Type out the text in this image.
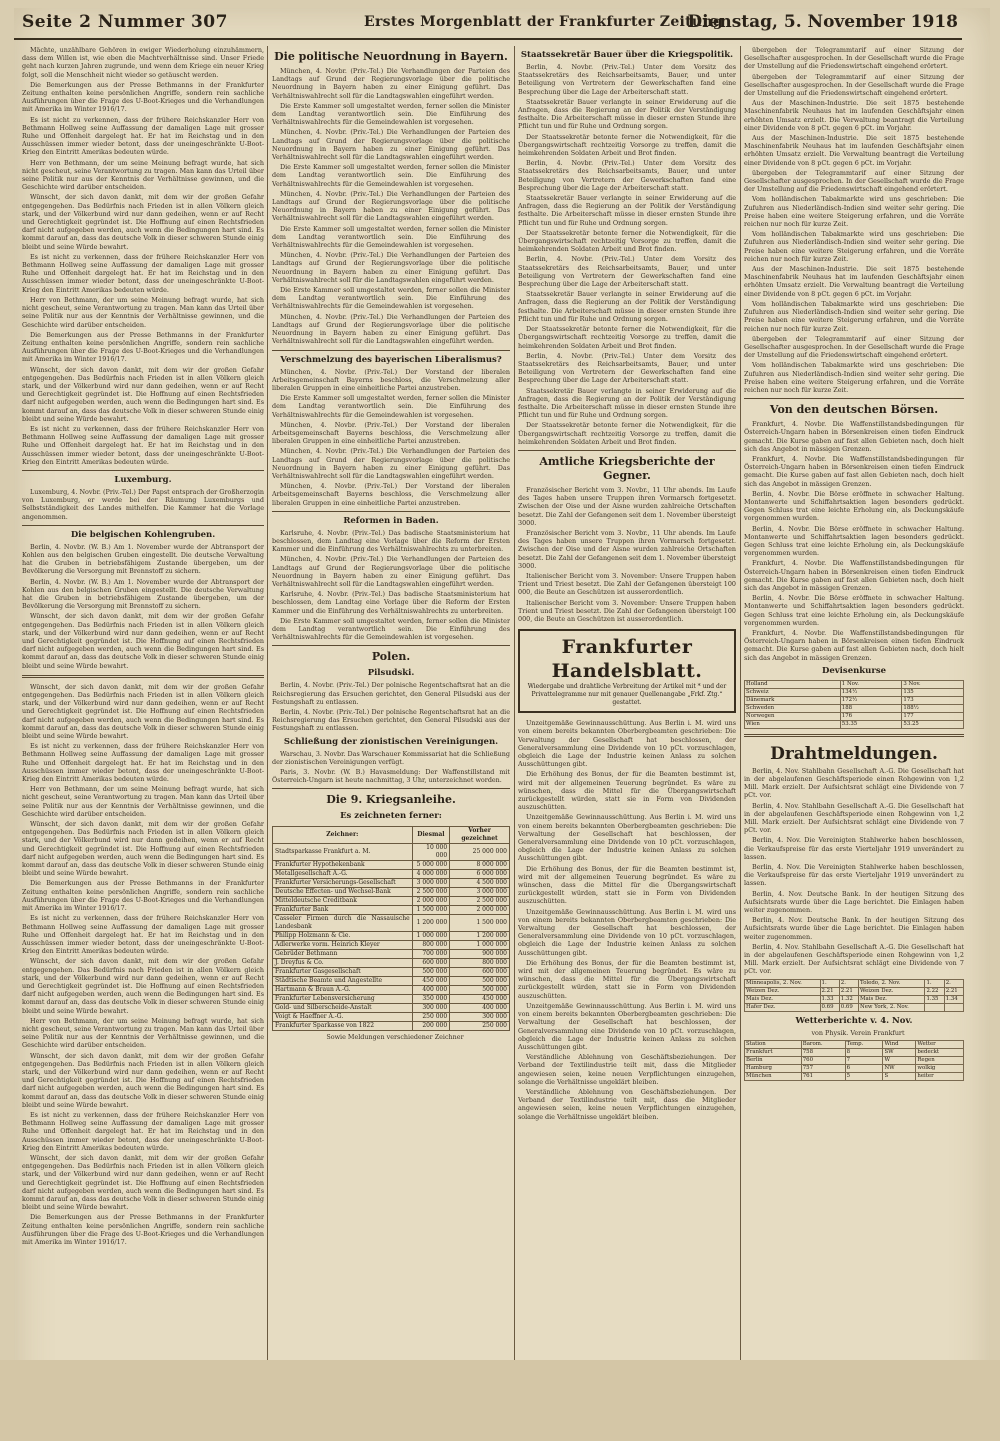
Seite 2 Nummer 307	Erstes Morgenblatt der Frankfurter Zeitung
Dienstag, 5. November 1918

Mächte, unzählbare Gehören in ewiger Wiederholung einzuhämmern, dass dem Willen ist, wie eben die Machtverhältnisse sind. Unser Friede geht nach kurzen Jahren zugrunde, und wenn dem Kriege ein neuer Krieg folgt, soll die Menschheit nicht wieder so getäuscht werden.

Die Bemerkungen aus der Presse Bethmanns in der Frankfurter Zeitung enthalten keine persönlichen Angriffe, sondern rein sachliche Ausführungen über die Frage des U-Boot-Krieges und die Verhandlungen mit Amerika im Winter 1916/17.

Es ist nicht zu verkennen, dass der frühere Reichskanzler Herr von Bethmann Hollweg seine Auffassung der damaligen Lage mit grosser Ruhe und Offenheit dargelegt hat. Er hat im Reichstag und in den Ausschüssen immer wieder betont, dass der uneingeschränkte U-Boot-Krieg den Eintritt Amerikas bedeuten würde.

Herr von Bethmann, der um seine Meinung befragt wurde, hat sich nicht gescheut, seine Verantwortung zu tragen. Man kann das Urteil über seine Politik nur aus der Kenntnis der Verhältnisse gewinnen, und die Geschichte wird darüber entscheiden.

Wünscht, der sich davon dankt, mit dem wir der großen Gefahr entgegengehen. Das Bedürfnis nach Frieden ist in allen Völkern gleich stark, und der Völkerbund wird nur dann gedeihen, wenn er auf Recht und Gerechtigkeit gegründet ist. Die Hoffnung auf einen Rechtsfrieden darf nicht aufgegeben werden, auch wenn die Bedingungen hart sind. Es kommt darauf an, dass das deutsche Volk in dieser schweren Stunde einig bleibt und seine Würde bewahrt.

Es ist nicht zu verkennen, dass der frühere Reichskanzler Herr von Bethmann Hollweg seine Auffassung der damaligen Lage mit grosser Ruhe und Offenheit dargelegt hat. Er hat im Reichstag und in den Ausschüssen immer wieder betont, dass der uneingeschränkte U-Boot-Krieg den Eintritt Amerikas bedeuten würde.

Herr von Bethmann, der um seine Meinung befragt wurde, hat sich nicht gescheut, seine Verantwortung zu tragen. Man kann das Urteil über seine Politik nur aus der Kenntnis der Verhältnisse gewinnen, und die Geschichte wird darüber entscheiden.

Die Bemerkungen aus der Presse Bethmanns in der Frankfurter Zeitung enthalten keine persönlichen Angriffe, sondern rein sachliche Ausführungen über die Frage des U-Boot-Krieges und die Verhandlungen mit Amerika im Winter 1916/17.

Wünscht, der sich davon dankt, mit dem wir der großen Gefahr entgegengehen. Das Bedürfnis nach Frieden ist in allen Völkern gleich stark, und der Völkerbund wird nur dann gedeihen, wenn er auf Recht und Gerechtigkeit gegründet ist. Die Hoffnung auf einen Rechtsfrieden darf nicht aufgegeben werden, auch wenn die Bedingungen hart sind. Es kommt darauf an, dass das deutsche Volk in dieser schweren Stunde einig bleibt und seine Würde bewahrt.

Es ist nicht zu verkennen, dass der frühere Reichskanzler Herr von Bethmann Hollweg seine Auffassung der damaligen Lage mit grosser Ruhe und Offenheit dargelegt hat. Er hat im Reichstag und in den Ausschüssen immer wieder betont, dass der uneingeschränkte U-Boot-Krieg den Eintritt Amerikas bedeuten würde.

Luxemburg.

Luxemburg, 4. Novbr. (Priv.-Tel.) Der Papst entsprach der Großherzogin von Luxemburg, er werde bei der Räumung Luxemburgs und Selbstständigkeit des Landes mithelfen. Die Kammer hat die Vorlage angenommen.

Die belgischen Kohlengruben.

Berlin, 4. Novbr. (W. B.) Am 1. November wurde der Abtransport der Kohlen aus den belgischen Gruben eingestellt. Die deutsche Verwaltung hat die Gruben in betriebsfähigem Zustande übergeben, um der Bevölkerung die Versorgung mit Brennstoff zu sichern.

Berlin, 4. Novbr. (W. B.) Am 1. November wurde der Abtransport der Kohlen aus den belgischen Gruben eingestellt. Die deutsche Verwaltung hat die Gruben in betriebsfähigem Zustande übergeben, um der Bevölkerung die Versorgung mit Brennstoff zu sichern.

Wünscht, der sich davon dankt, mit dem wir der großen Gefahr entgegengehen. Das Bedürfnis nach Frieden ist in allen Völkern gleich stark, und der Völkerbund wird nur dann gedeihen, wenn er auf Recht und Gerechtigkeit gegründet ist. Die Hoffnung auf einen Rechtsfrieden darf nicht aufgegeben werden, auch wenn die Bedingungen hart sind. Es kommt darauf an, dass das deutsche Volk in dieser schweren Stunde einig bleibt und seine Würde bewahrt.

Wünscht, der sich davon dankt, mit dem wir der großen Gefahr entgegengehen. Das Bedürfnis nach Frieden ist in allen Völkern gleich stark, und der Völkerbund wird nur dann gedeihen, wenn er auf Recht und Gerechtigkeit gegründet ist. Die Hoffnung auf einen Rechtsfrieden darf nicht aufgegeben werden, auch wenn die Bedingungen hart sind. Es kommt darauf an, dass das deutsche Volk in dieser schweren Stunde einig bleibt und seine Würde bewahrt.

Es ist nicht zu verkennen, dass der frühere Reichskanzler Herr von Bethmann Hollweg seine Auffassung der damaligen Lage mit grosser Ruhe und Offenheit dargelegt hat. Er hat im Reichstag und in den Ausschüssen immer wieder betont, dass der uneingeschränkte U-Boot-Krieg den Eintritt Amerikas bedeuten würde.

Herr von Bethmann, der um seine Meinung befragt wurde, hat sich nicht gescheut, seine Verantwortung zu tragen. Man kann das Urteil über seine Politik nur aus der Kenntnis der Verhältnisse gewinnen, und die Geschichte wird darüber entscheiden.

Wünscht, der sich davon dankt, mit dem wir der großen Gefahr entgegengehen. Das Bedürfnis nach Frieden ist in allen Völkern gleich stark, und der Völkerbund wird nur dann gedeihen, wenn er auf Recht und Gerechtigkeit gegründet ist. Die Hoffnung auf einen Rechtsfrieden darf nicht aufgegeben werden, auch wenn die Bedingungen hart sind. Es kommt darauf an, dass das deutsche Volk in dieser schweren Stunde einig bleibt und seine Würde bewahrt.

Die Bemerkungen aus der Presse Bethmanns in der Frankfurter Zeitung enthalten keine persönlichen Angriffe, sondern rein sachliche Ausführungen über die Frage des U-Boot-Krieges und die Verhandlungen mit Amerika im Winter 1916/17.

Es ist nicht zu verkennen, dass der frühere Reichskanzler Herr von Bethmann Hollweg seine Auffassung der damaligen Lage mit grosser Ruhe und Offenheit dargelegt hat. Er hat im Reichstag und in den Ausschüssen immer wieder betont, dass der uneingeschränkte U-Boot-Krieg den Eintritt Amerikas bedeuten würde.

Wünscht, der sich davon dankt, mit dem wir der großen Gefahr entgegengehen. Das Bedürfnis nach Frieden ist in allen Völkern gleich stark, und der Völkerbund wird nur dann gedeihen, wenn er auf Recht und Gerechtigkeit gegründet ist. Die Hoffnung auf einen Rechtsfrieden darf nicht aufgegeben werden, auch wenn die Bedingungen hart sind. Es kommt darauf an, dass das deutsche Volk in dieser schweren Stunde einig bleibt und seine Würde bewahrt.

Herr von Bethmann, der um seine Meinung befragt wurde, hat sich nicht gescheut, seine Verantwortung zu tragen. Man kann das Urteil über seine Politik nur aus der Kenntnis der Verhältnisse gewinnen, und die Geschichte wird darüber entscheiden.

Wünscht, der sich davon dankt, mit dem wir der großen Gefahr entgegengehen. Das Bedürfnis nach Frieden ist in allen Völkern gleich stark, und der Völkerbund wird nur dann gedeihen, wenn er auf Recht und Gerechtigkeit gegründet ist. Die Hoffnung auf einen Rechtsfrieden darf nicht aufgegeben werden, auch wenn die Bedingungen hart sind. Es kommt darauf an, dass das deutsche Volk in dieser schweren Stunde einig bleibt und seine Würde bewahrt.

Es ist nicht zu verkennen, dass der frühere Reichskanzler Herr von Bethmann Hollweg seine Auffassung der damaligen Lage mit grosser Ruhe und Offenheit dargelegt hat. Er hat im Reichstag und in den Ausschüssen immer wieder betont, dass der uneingeschränkte U-Boot-Krieg den Eintritt Amerikas bedeuten würde.

Wünscht, der sich davon dankt, mit dem wir der großen Gefahr entgegengehen. Das Bedürfnis nach Frieden ist in allen Völkern gleich stark, und der Völkerbund wird nur dann gedeihen, wenn er auf Recht und Gerechtigkeit gegründet ist. Die Hoffnung auf einen Rechtsfrieden darf nicht aufgegeben werden, auch wenn die Bedingungen hart sind. Es kommt darauf an, dass das deutsche Volk in dieser schweren Stunde einig bleibt und seine Würde bewahrt.

Die Bemerkungen aus der Presse Bethmanns in der Frankfurter Zeitung enthalten keine persönlichen Angriffe, sondern rein sachliche Ausführungen über die Frage des U-Boot-Krieges und die Verhandlungen mit Amerika im Winter 1916/17.

Die politische Neuordnung in Bayern.

München, 4. Novbr. (Priv.-Tel.) Die Verhandlungen der Parteien des Landtags auf Grund der Regierungsvorlage über die politische Neuordnung in Bayern haben zu einer Einigung geführt. Das Verhältniswahlrecht soll für die Landtagswahlen eingeführt werden.

Die Erste Kammer soll umgestaltet werden, ferner sollen die Minister dem Landtag verantwortlich sein. Die Einführung des Verhältniswahlrechts für die Gemeindewahlen ist vorgesehen.

München, 4. Novbr. (Priv.-Tel.) Die Verhandlungen der Parteien des Landtags auf Grund der Regierungsvorlage über die politische Neuordnung in Bayern haben zu einer Einigung geführt. Das Verhältniswahlrecht soll für die Landtagswahlen eingeführt werden.

Die Erste Kammer soll umgestaltet werden, ferner sollen die Minister dem Landtag verantwortlich sein. Die Einführung des Verhältniswahlrechts für die Gemeindewahlen ist vorgesehen.

München, 4. Novbr. (Priv.-Tel.) Die Verhandlungen der Parteien des Landtags auf Grund der Regierungsvorlage über die politische Neuordnung in Bayern haben zu einer Einigung geführt. Das Verhältniswahlrecht soll für die Landtagswahlen eingeführt werden.

Die Erste Kammer soll umgestaltet werden, ferner sollen die Minister dem Landtag verantwortlich sein. Die Einführung des Verhältniswahlrechts für die Gemeindewahlen ist vorgesehen.

München, 4. Novbr. (Priv.-Tel.) Die Verhandlungen der Parteien des Landtags auf Grund der Regierungsvorlage über die politische Neuordnung in Bayern haben zu einer Einigung geführt. Das Verhältniswahlrecht soll für die Landtagswahlen eingeführt werden.

Die Erste Kammer soll umgestaltet werden, ferner sollen die Minister dem Landtag verantwortlich sein. Die Einführung des Verhältniswahlrechts für die Gemeindewahlen ist vorgesehen.

München, 4. Novbr. (Priv.-Tel.) Die Verhandlungen der Parteien des Landtags auf Grund der Regierungsvorlage über die politische Neuordnung in Bayern haben zu einer Einigung geführt. Das Verhältniswahlrecht soll für die Landtagswahlen eingeführt werden.

Verschmelzung des bayerischen Liberalismus?

München, 4. Novbr. (Priv.-Tel.) Der Vorstand der liberalen Arbeitsgemeinschaft Bayerns beschloss, die Verschmelzung aller liberalen Gruppen in eine einheitliche Partei anzustreben.

Die Erste Kammer soll umgestaltet werden, ferner sollen die Minister dem Landtag verantwortlich sein. Die Einführung des Verhältniswahlrechts für die Gemeindewahlen ist vorgesehen.

München, 4. Novbr. (Priv.-Tel.) Der Vorstand der liberalen Arbeitsgemeinschaft Bayerns beschloss, die Verschmelzung aller liberalen Gruppen in eine einheitliche Partei anzustreben.

München, 4. Novbr. (Priv.-Tel.) Die Verhandlungen der Parteien des Landtags auf Grund der Regierungsvorlage über die politische Neuordnung in Bayern haben zu einer Einigung geführt. Das Verhältniswahlrecht soll für die Landtagswahlen eingeführt werden.

München, 4. Novbr. (Priv.-Tel.) Der Vorstand der liberalen Arbeitsgemeinschaft Bayerns beschloss, die Verschmelzung aller liberalen Gruppen in eine einheitliche Partei anzustreben.

Reformen in Baden.

Karlsruhe, 4. Novbr. (Priv.-Tel.) Das badische Staatsministerium hat beschlossen, dem Landtag eine Vorlage über die Reform der Ersten Kammer und die Einführung des Verhältniswahlrechts zu unterbreiten.

München, 4. Novbr. (Priv.-Tel.) Die Verhandlungen der Parteien des Landtags auf Grund der Regierungsvorlage über die politische Neuordnung in Bayern haben zu einer Einigung geführt. Das Verhältniswahlrecht soll für die Landtagswahlen eingeführt werden.

Karlsruhe, 4. Novbr. (Priv.-Tel.) Das badische Staatsministerium hat beschlossen, dem Landtag eine Vorlage über die Reform der Ersten Kammer und die Einführung des Verhältniswahlrechts zu unterbreiten.

Die Erste Kammer soll umgestaltet werden, ferner sollen die Minister dem Landtag verantwortlich sein. Die Einführung des Verhältniswahlrechts für die Gemeindewahlen ist vorgesehen.

Polen.
Pilsudski.

Berlin, 4. Novbr. (Priv.-Tel.) Der polnische Regentschaftsrat hat an die Reichsregierung das Ersuchen gerichtet, den General Pilsudski aus der Festungshaft zu entlassen.

Berlin, 4. Novbr. (Priv.-Tel.) Der polnische Regentschaftsrat hat an die Reichsregierung das Ersuchen gerichtet, den General Pilsudski aus der Festungshaft zu entlassen.

Schließung der zionistischen Vereinigungen.

Warschau, 3. Novbr. Das Warschauer Kommissariat hat die Schließung der zionistischen Vereinigungen verfügt.

Paris, 3. Novbr. (W. B.) Havasmeldung: Der Waffenstillstand mit Österreich-Ungarn ist heute nachmittag, 3 Uhr, unterzeichnet worden.

Die 9. Kriegsanleihe.
Es zeichneten ferner:
Zeichner:	Diesmal	Vorher gezeichnet
Stadtsparkasse Frankfurt a. M.	10 000 000	25 000 000
Frankfurter Hypothekenbank	5 000 000	8 000 000
Metallgesellschaft A.-G.	4 000 000	6 000 000
Frankfurter Versicherungs-Gesellschaft	3 000 000	4 500 000
Deutsche Effecten- und Wechsel-Bank	2 500 000	3 000 000
Mitteldeutsche Creditbank	2 000 000	2 500 000
Frankfurter Bank	1 500 000	2 000 000
Casseler Firmen durch die Nassauische Landesbank	1 200 000	1 500 000
Philipp Holzmann & Cie.	1 000 000	1 200 000
Adlerwerke vorm. Heinrich Kleyer	800 000	1 000 000
Gebrüder Bethmann	700 000	900 000
J. Dreyfus & Co.	600 000	800 000
Frankfurter Gasgesellschaft	500 000	600 000
Städtische Beamte und Angestellte	450 000	500 000
Hartmann & Braun A.-G.	400 000	500 000
Frankfurter Lebensversicherung	350 000	450 000
Gold- und Silberscheide-Anstalt	300 000	400 000
Voigt & Haeffner A.-G.	250 000	300 000
Frankfurter Sparkasse von 1822	200 000	250 000

Sowie Meldungen verschiedener Zeichner

Staatssekretär Bauer über die Kriegspolitik.

Berlin, 4. Novbr. (Priv.-Tel.) Unter dem Vorsitz des Staatssekretärs des Reichsarbeitsamts, Bauer, und unter Beteiligung von Vertretern der Gewerkschaften fand eine Besprechung über die Lage der Arbeiterschaft statt.

Staatssekretär Bauer verlangte in seiner Erwiderung auf die Anfragen, dass die Regierung an der Politik der Verständigung festhalte. Die Arbeiterschaft müsse in dieser ernsten Stunde ihre Pflicht tun und für Ruhe und Ordnung sorgen.

Der Staatssekretär betonte ferner die Notwendigkeit, für die Übergangswirtschaft rechtzeitig Vorsorge zu treffen, damit die heimkehrenden Soldaten Arbeit und Brot finden.

Berlin, 4. Novbr. (Priv.-Tel.) Unter dem Vorsitz des Staatssekretärs des Reichsarbeitsamts, Bauer, und unter Beteiligung von Vertretern der Gewerkschaften fand eine Besprechung über die Lage der Arbeiterschaft statt.

Staatssekretär Bauer verlangte in seiner Erwiderung auf die Anfragen, dass die Regierung an der Politik der Verständigung festhalte. Die Arbeiterschaft müsse in dieser ernsten Stunde ihre Pflicht tun und für Ruhe und Ordnung sorgen.

Der Staatssekretär betonte ferner die Notwendigkeit, für die Übergangswirtschaft rechtzeitig Vorsorge zu treffen, damit die heimkehrenden Soldaten Arbeit und Brot finden.

Berlin, 4. Novbr. (Priv.-Tel.) Unter dem Vorsitz des Staatssekretärs des Reichsarbeitsamts, Bauer, und unter Beteiligung von Vertretern der Gewerkschaften fand eine Besprechung über die Lage der Arbeiterschaft statt.

Staatssekretär Bauer verlangte in seiner Erwiderung auf die Anfragen, dass die Regierung an der Politik der Verständigung festhalte. Die Arbeiterschaft müsse in dieser ernsten Stunde ihre Pflicht tun und für Ruhe und Ordnung sorgen.

Der Staatssekretär betonte ferner die Notwendigkeit, für die Übergangswirtschaft rechtzeitig Vorsorge zu treffen, damit die heimkehrenden Soldaten Arbeit und Brot finden.

Berlin, 4. Novbr. (Priv.-Tel.) Unter dem Vorsitz des Staatssekretärs des Reichsarbeitsamts, Bauer, und unter Beteiligung von Vertretern der Gewerkschaften fand eine Besprechung über die Lage der Arbeiterschaft statt.

Staatssekretär Bauer verlangte in seiner Erwiderung auf die Anfragen, dass die Regierung an der Politik der Verständigung festhalte. Die Arbeiterschaft müsse in dieser ernsten Stunde ihre Pflicht tun und für Ruhe und Ordnung sorgen.

Der Staatssekretär betonte ferner die Notwendigkeit, für die Übergangswirtschaft rechtzeitig Vorsorge zu treffen, damit die heimkehrenden Soldaten Arbeit und Brot finden.

Amtliche Kriegsberichte der Gegner.

Französischer Bericht vom 3. Novbr., 11 Uhr abends. Im Laufe des Tages haben unsere Truppen ihren Vormarsch fortgesetzt. Zwischen der Oise und der Aisne wurden zahlreiche Ortschaften besetzt. Die Zahl der Gefangenen seit dem 1. November übersteigt 3000.

Französischer Bericht vom 3. Novbr., 11 Uhr abends. Im Laufe des Tages haben unsere Truppen ihren Vormarsch fortgesetzt. Zwischen der Oise und der Aisne wurden zahlreiche Ortschaften besetzt. Die Zahl der Gefangenen seit dem 1. November übersteigt 3000.

Italienischer Bericht vom 3. November: Unsere Truppen haben Trient und Triest besetzt. Die Zahl der Gefangenen übersteigt 100 000, die Beute an Geschützen ist ausserordentlich.

Italienischer Bericht vom 3. November: Unsere Truppen haben Trient und Triest besetzt. Die Zahl der Gefangenen übersteigt 100 000, die Beute an Geschützen ist ausserordentlich.

Frankfurter Handelsblatt.
Wiedergabe und drahtliche Verbreitung der Artikel mit * und der Privattelegramme nur mit genauer Quellenangabe „Frkf. Ztg.“ gestattet.

Unzeitgemäße Gewinnausschüttung. Aus Berlin i. M. wird uns von einem bereits bekannten Oberbergbeamten geschrieben: Die Verwaltung der Gesellschaft hat beschlossen, der Generalversammlung eine Dividende von 10 pCt. vorzuschlagen, obgleich die Lage der Industrie keinen Anlass zu solchen Ausschüttungen gibt.

Die Erhöhung des Bonus, der für die Beamten bestimmt ist, wird mit der allgemeinen Teuerung begründet. Es wäre zu wünschen, dass die Mittel für die Übergangswirtschaft zurückgestellt würden, statt sie in Form von Dividenden auszuschütten.

Unzeitgemäße Gewinnausschüttung. Aus Berlin i. M. wird uns von einem bereits bekannten Oberbergbeamten geschrieben: Die Verwaltung der Gesellschaft hat beschlossen, der Generalversammlung eine Dividende von 10 pCt. vorzuschlagen, obgleich die Lage der Industrie keinen Anlass zu solchen Ausschüttungen gibt.

Die Erhöhung des Bonus, der für die Beamten bestimmt ist, wird mit der allgemeinen Teuerung begründet. Es wäre zu wünschen, dass die Mittel für die Übergangswirtschaft zurückgestellt würden, statt sie in Form von Dividenden auszuschütten.

Unzeitgemäße Gewinnausschüttung. Aus Berlin i. M. wird uns von einem bereits bekannten Oberbergbeamten geschrieben: Die Verwaltung der Gesellschaft hat beschlossen, der Generalversammlung eine Dividende von 10 pCt. vorzuschlagen, obgleich die Lage der Industrie keinen Anlass zu solchen Ausschüttungen gibt.

Die Erhöhung des Bonus, der für die Beamten bestimmt ist, wird mit der allgemeinen Teuerung begründet. Es wäre zu wünschen, dass die Mittel für die Übergangswirtschaft zurückgestellt würden, statt sie in Form von Dividenden auszuschütten.

Unzeitgemäße Gewinnausschüttung. Aus Berlin i. M. wird uns von einem bereits bekannten Oberbergbeamten geschrieben: Die Verwaltung der Gesellschaft hat beschlossen, der Generalversammlung eine Dividende von 10 pCt. vorzuschlagen, obgleich die Lage der Industrie keinen Anlass zu solchen Ausschüttungen gibt.

Verständliche Ablehnung von Geschäftsbeziehungen. Der Verband der Textilindustrie teilt mit, dass die Mitglieder angewiesen seien, keine neuen Verpflichtungen einzugehen, solange die Verhältnisse ungeklärt bleiben.

Verständliche Ablehnung von Geschäftsbeziehungen. Der Verband der Textilindustrie teilt mit, dass die Mitglieder angewiesen seien, keine neuen Verpflichtungen einzugehen, solange die Verhältnisse ungeklärt bleiben.

übergeben der Telegrammtarif auf einer Sitzung der Gesellschafter ausgesprochen. In der Gesellschaft wurde die Frage der Umstellung auf die Friedenswirtschaft eingehend erörtert.

übergeben der Telegrammtarif auf einer Sitzung der Gesellschafter ausgesprochen. In der Gesellschaft wurde die Frage der Umstellung auf die Friedenswirtschaft eingehend erörtert.

Aus der Maschinen-Industrie. Die seit 1875 bestehende Maschinenfabrik Neuhaus hat im laufenden Geschäftsjahr einen erhöhten Umsatz erzielt. Die Verwaltung beantragt die Verteilung einer Dividende von 8 pCt. gegen 6 pCt. im Vorjahr.

Aus der Maschinen-Industrie. Die seit 1875 bestehende Maschinenfabrik Neuhaus hat im laufenden Geschäftsjahr einen erhöhten Umsatz erzielt. Die Verwaltung beantragt die Verteilung einer Dividende von 8 pCt. gegen 6 pCt. im Vorjahr.

übergeben der Telegrammtarif auf einer Sitzung der Gesellschafter ausgesprochen. In der Gesellschaft wurde die Frage der Umstellung auf die Friedenswirtschaft eingehend erörtert.

Vom holländischen Tabakmarkte wird uns geschrieben: Die Zufuhren aus Niederländisch-Indien sind weiter sehr gering. Die Preise haben eine weitere Steigerung erfahren, und die Vorräte reichen nur noch für kurze Zeit.

Vom holländischen Tabakmarkte wird uns geschrieben: Die Zufuhren aus Niederländisch-Indien sind weiter sehr gering. Die Preise haben eine weitere Steigerung erfahren, und die Vorräte reichen nur noch für kurze Zeit.

Aus der Maschinen-Industrie. Die seit 1875 bestehende Maschinenfabrik Neuhaus hat im laufenden Geschäftsjahr einen erhöhten Umsatz erzielt. Die Verwaltung beantragt die Verteilung einer Dividende von 8 pCt. gegen 6 pCt. im Vorjahr.

Vom holländischen Tabakmarkte wird uns geschrieben: Die Zufuhren aus Niederländisch-Indien sind weiter sehr gering. Die Preise haben eine weitere Steigerung erfahren, und die Vorräte reichen nur noch für kurze Zeit.

übergeben der Telegrammtarif auf einer Sitzung der Gesellschafter ausgesprochen. In der Gesellschaft wurde die Frage der Umstellung auf die Friedenswirtschaft eingehend erörtert.

Vom holländischen Tabakmarkte wird uns geschrieben: Die Zufuhren aus Niederländisch-Indien sind weiter sehr gering. Die Preise haben eine weitere Steigerung erfahren, und die Vorräte reichen nur noch für kurze Zeit.

Von den deutschen Börsen.

Frankfurt, 4. Novbr. Die Waffenstillstandsbedingungen für Österreich-Ungarn haben in Börsenkreisen einen tiefen Eindruck gemacht. Die Kurse gaben auf fast allen Gebieten nach, doch hielt sich das Angebot in mässigen Grenzen.

Frankfurt, 4. Novbr. Die Waffenstillstandsbedingungen für Österreich-Ungarn haben in Börsenkreisen einen tiefen Eindruck gemacht. Die Kurse gaben auf fast allen Gebieten nach, doch hielt sich das Angebot in mässigen Grenzen.

Berlin, 4. Novbr. Die Börse eröffnete in schwacher Haltung. Montanwerte und Schiffahrtsaktien lagen besonders gedrückt. Gegen Schluss trat eine leichte Erholung ein, als Deckungskäufe vorgenommen wurden.

Berlin, 4. Novbr. Die Börse eröffnete in schwacher Haltung. Montanwerte und Schiffahrtsaktien lagen besonders gedrückt. Gegen Schluss trat eine leichte Erholung ein, als Deckungskäufe vorgenommen wurden.

Frankfurt, 4. Novbr. Die Waffenstillstandsbedingungen für Österreich-Ungarn haben in Börsenkreisen einen tiefen Eindruck gemacht. Die Kurse gaben auf fast allen Gebieten nach, doch hielt sich das Angebot in mässigen Grenzen.

Berlin, 4. Novbr. Die Börse eröffnete in schwacher Haltung. Montanwerte und Schiffahrtsaktien lagen besonders gedrückt. Gegen Schluss trat eine leichte Erholung ein, als Deckungskäufe vorgenommen wurden.

Frankfurt, 4. Novbr. Die Waffenstillstandsbedingungen für Österreich-Ungarn haben in Börsenkreisen einen tiefen Eindruck gemacht. Die Kurse gaben auf fast allen Gebieten nach, doch hielt sich das Angebot in mässigen Grenzen.

Devisenkurse
Holland	1 Nov.	3 Nov.
Schweiz	134½	135
Dänemark	172½	173
Schweden	188	188½
Norwegen	176	177
Wien	53.35	53.25
Drahtmeldungen.

Berlin, 4. Nov. Stahlbahn Gesellschaft A.-G. Die Gesellschaft hat in der abgelaufenen Geschäftsperiode einen Rohgewinn von 1,2 Mill. Mark erzielt. Der Aufsichtsrat schlägt eine Dividende von 7 pCt. vor.

Berlin, 4. Nov. Stahlbahn Gesellschaft A.-G. Die Gesellschaft hat in der abgelaufenen Geschäftsperiode einen Rohgewinn von 1,2 Mill. Mark erzielt. Der Aufsichtsrat schlägt eine Dividende von 7 pCt. vor.

Berlin, 4. Nov. Die Vereinigten Stahlwerke haben beschlossen, die Verkaufspreise für das erste Vierteljahr 1919 unverändert zu lassen.

Berlin, 4. Nov. Die Vereinigten Stahlwerke haben beschlossen, die Verkaufspreise für das erste Vierteljahr 1919 unverändert zu lassen.

Berlin, 4. Nov. Deutsche Bank. In der heutigen Sitzung des Aufsichtsrats wurde über die Lage berichtet. Die Einlagen haben weiter zugenommen.

Berlin, 4. Nov. Deutsche Bank. In der heutigen Sitzung des Aufsichtsrats wurde über die Lage berichtet. Die Einlagen haben weiter zugenommen.

Berlin, 4. Nov. Stahlbahn Gesellschaft A.-G. Die Gesellschaft hat in der abgelaufenen Geschäftsperiode einen Rohgewinn von 1,2 Mill. Mark erzielt. Der Aufsichtsrat schlägt eine Dividende von 7 pCt. vor.

Minneapolis, 2. Nov.	1.	2.	Toledo, 2. Nov.	1.	2.
Weizen Dez.	2.21	2.21	Weizen Dez.	2.22	2.21
Mais Dez.	1.33	1.32	Mais Dez.	1.35	1.34
Hafer Dez.	0.69	0.69	New York, 2. Nov.		
Wetterberichte v. 4. Nov.

von Physik. Verein Frankfurt

Station	Barom.	Temp.	Wind	Wetter
Frankfurt	758	8	SW	bedeckt
Berlin	760	7	W	Regen
Hamburg	757	6	NW	wolkig
München	761	5	S	heiter
